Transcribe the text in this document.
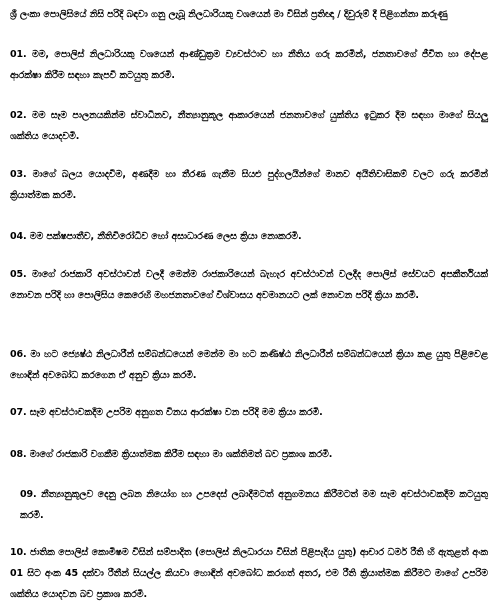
ශ්‍රී ලංකා පොලිසියේ නිසි පරිදි බඳවා ගනු ලැබූ නිලධාරියකු වශයෙන් මා විසින් ප්‍රතිඥා / දිවුරුම් දී පිළිගන්නා කරුණු

01. මම, පොලිස් නිලධාරියකු වශයෙන් ආණ්ඩුක්‍රම ව්‍යවස්ථාව හා නීතිය ගරු කරමින්, ජනතාවගේ ජීවිත හා දේපළ ආරක්ෂා කිරීම සඳහා කැපවී කටයුතු කරමි.

02. මම සෑම පාලනයකින්ම ස්වාධීනව, නීත්‍යානුකූල ආකාරයෙන් ජනතාවගේ යුක්තිය ඉටුකර දීම සඳහා මාගේ සියලු ශක්තිය යොදවමි.

03. මාගේ බලය යොදවීම, අණදීම හා තීරණ ගැනීම සියළු පුද්ගලයින්ගේ මානව අයිතිවාසිකම් වලට ගරු කරමින් ක්‍රියාත්මක කරමි.

04. මම පක්ෂපාතීව, නීතිවිරෝධීව හෝ අසාධාරණ ලෙස ක්‍රියා නොකරමි.

05. මාගේ රාජකාරි අවස්ථාවන් වලදී මෙන්ම රාජකාරියෙන් බැහැර අවස්ථාවන් වලදීද පොලිස් සේවයට අපකීර්තියක් නොවන පරිදි හා පොලිසිය කෙරෙහි මහජනතාවගේ විශ්වාසය අවමානයට ලක් නොවන පරිදි ක්‍රියා කරමි.

06. මා හට ජ්‍යෙෂ්ඨ නිලධාරීන් සම්බන්ධයෙන් මෙන්ම මා හට කණිෂ්ඨ නිලධාරීන් සම්බන්ධයෙන් ක්‍රියා කළ යුතු පිළිවෙළ හොඳින් අවබෝධ කරගෙන ඒ අනුව ක්‍රියා කරමි.

07. සෑම අවස්ථාවකදීම උපරිම අනුගත විනය ආරක්ෂා වන පරිදි මම ක්‍රියා කරමි.

08. මාගේ රාජකාරි වගකීම ක්‍රියාත්මක කිරීම සඳහා මා ශක්තිමත් බව ප්‍රකාශ කරමි.

09. නීත්‍යානුකූලව දෙනු ලබන නියෝග හා උපදෙස් ලබාදීමටත් අනුගමනය කිරීමටත් මම සෑම අවස්ථාවකදීම කටයුතු කරමි.

10. ජාතික පොලිස් කොමිෂම විසින් සම්පාදිත (පොලිස් නිලධාරයා විසින් පිළිපැදිය යුතු) ආචාර ධර්ම රීති හි ඇතුළත් අංක 01 සිට අංක 45 දක්වා රීතීන් සියල්ල කියවා හොඳින් අවබෝධ කරගත් අතර, එම රීති ක්‍රියාත්මක කිරීමට මාගේ උපරිම ශක්තිය යොදවන බව ප්‍රකාශ කරමි.
